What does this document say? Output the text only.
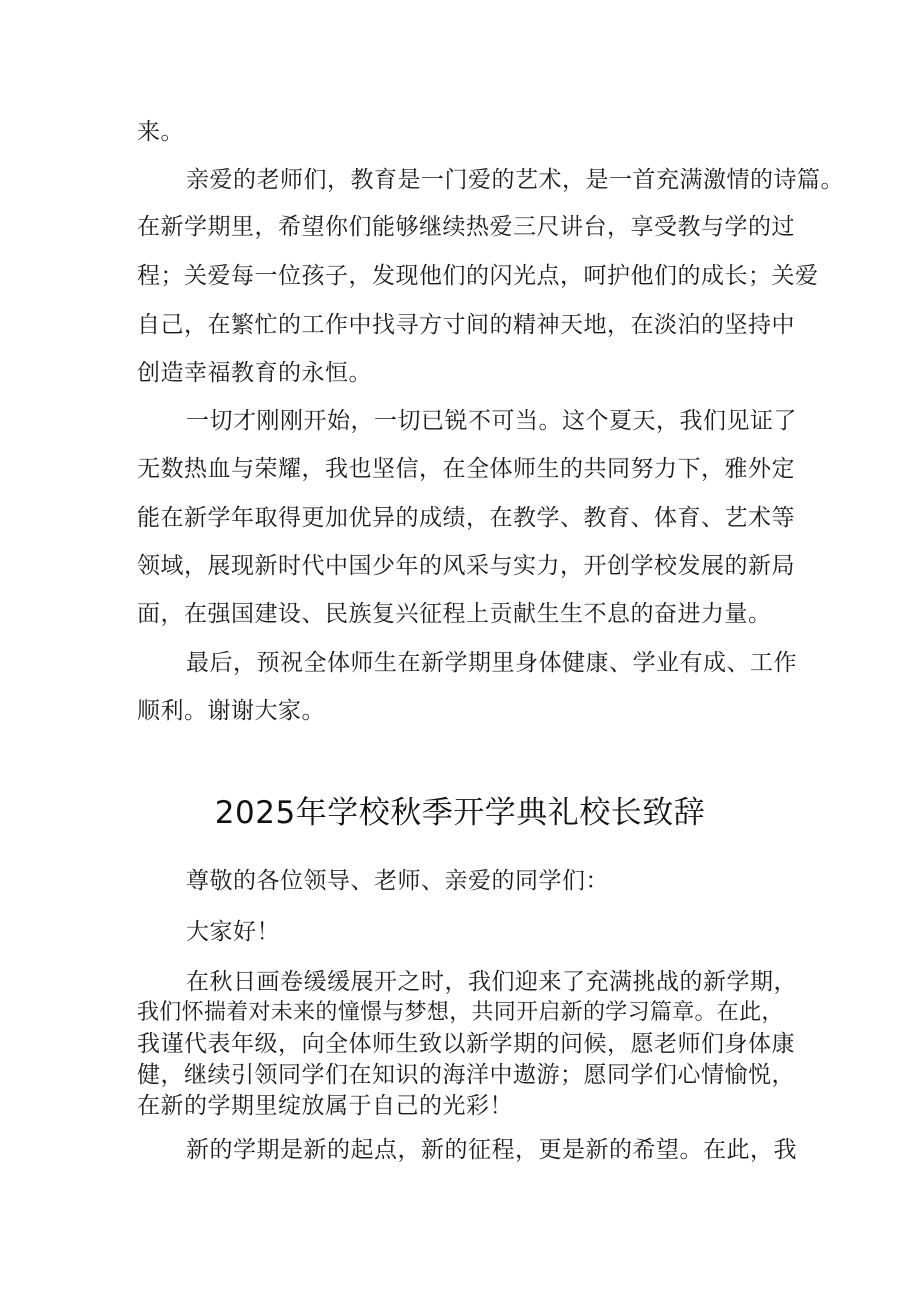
来。
亲爱的老师们，教育是一门爱的艺术，是一首充满激情的诗篇。
在新学期里，希望你们能够继续热爱三尺讲台，享受教与学的过
程；关爱每一位孩子，发现他们的闪光点，呵护他们的成长；关爱
自己，在繁忙的工作中找寻方寸间的精神天地，在淡泊的坚持中
创造幸福教育的永恒。
一切才刚刚开始，一切已锐不可当。这个夏天，我们见证了
无数热血与荣耀，我也坚信，在全体师生的共同努力下，雅外定
能在新学年取得更加优异的成绩，在教学、教育、体育、艺术等
领域，展现新时代中国少年的风采与实力，开创学校发展的新局
面，在强国建设、民族复兴征程上贡献生生不息的奋进力量。
最后，预祝全体师生在新学期里身体健康、学业有成、工作
顺利。谢谢大家。
2025年学校秋季开学典礼校长致辞
尊敬的各位领导、老师、亲爱的同学们：
大家好！
在秋日画卷缓缓展开之时，我们迎来了充满挑战的新学期，
我们怀揣着对未来的憧憬与梦想，共同开启新的学习篇章。在此，
我谨代表年级，向全体师生致以新学期的问候，愿老师们身体康
健，继续引领同学们在知识的海洋中遨游；愿同学们心情愉悦，
在新的学期里绽放属于自己的光彩！
新的学期是新的起点，新的征程，更是新的希望。在此，我
